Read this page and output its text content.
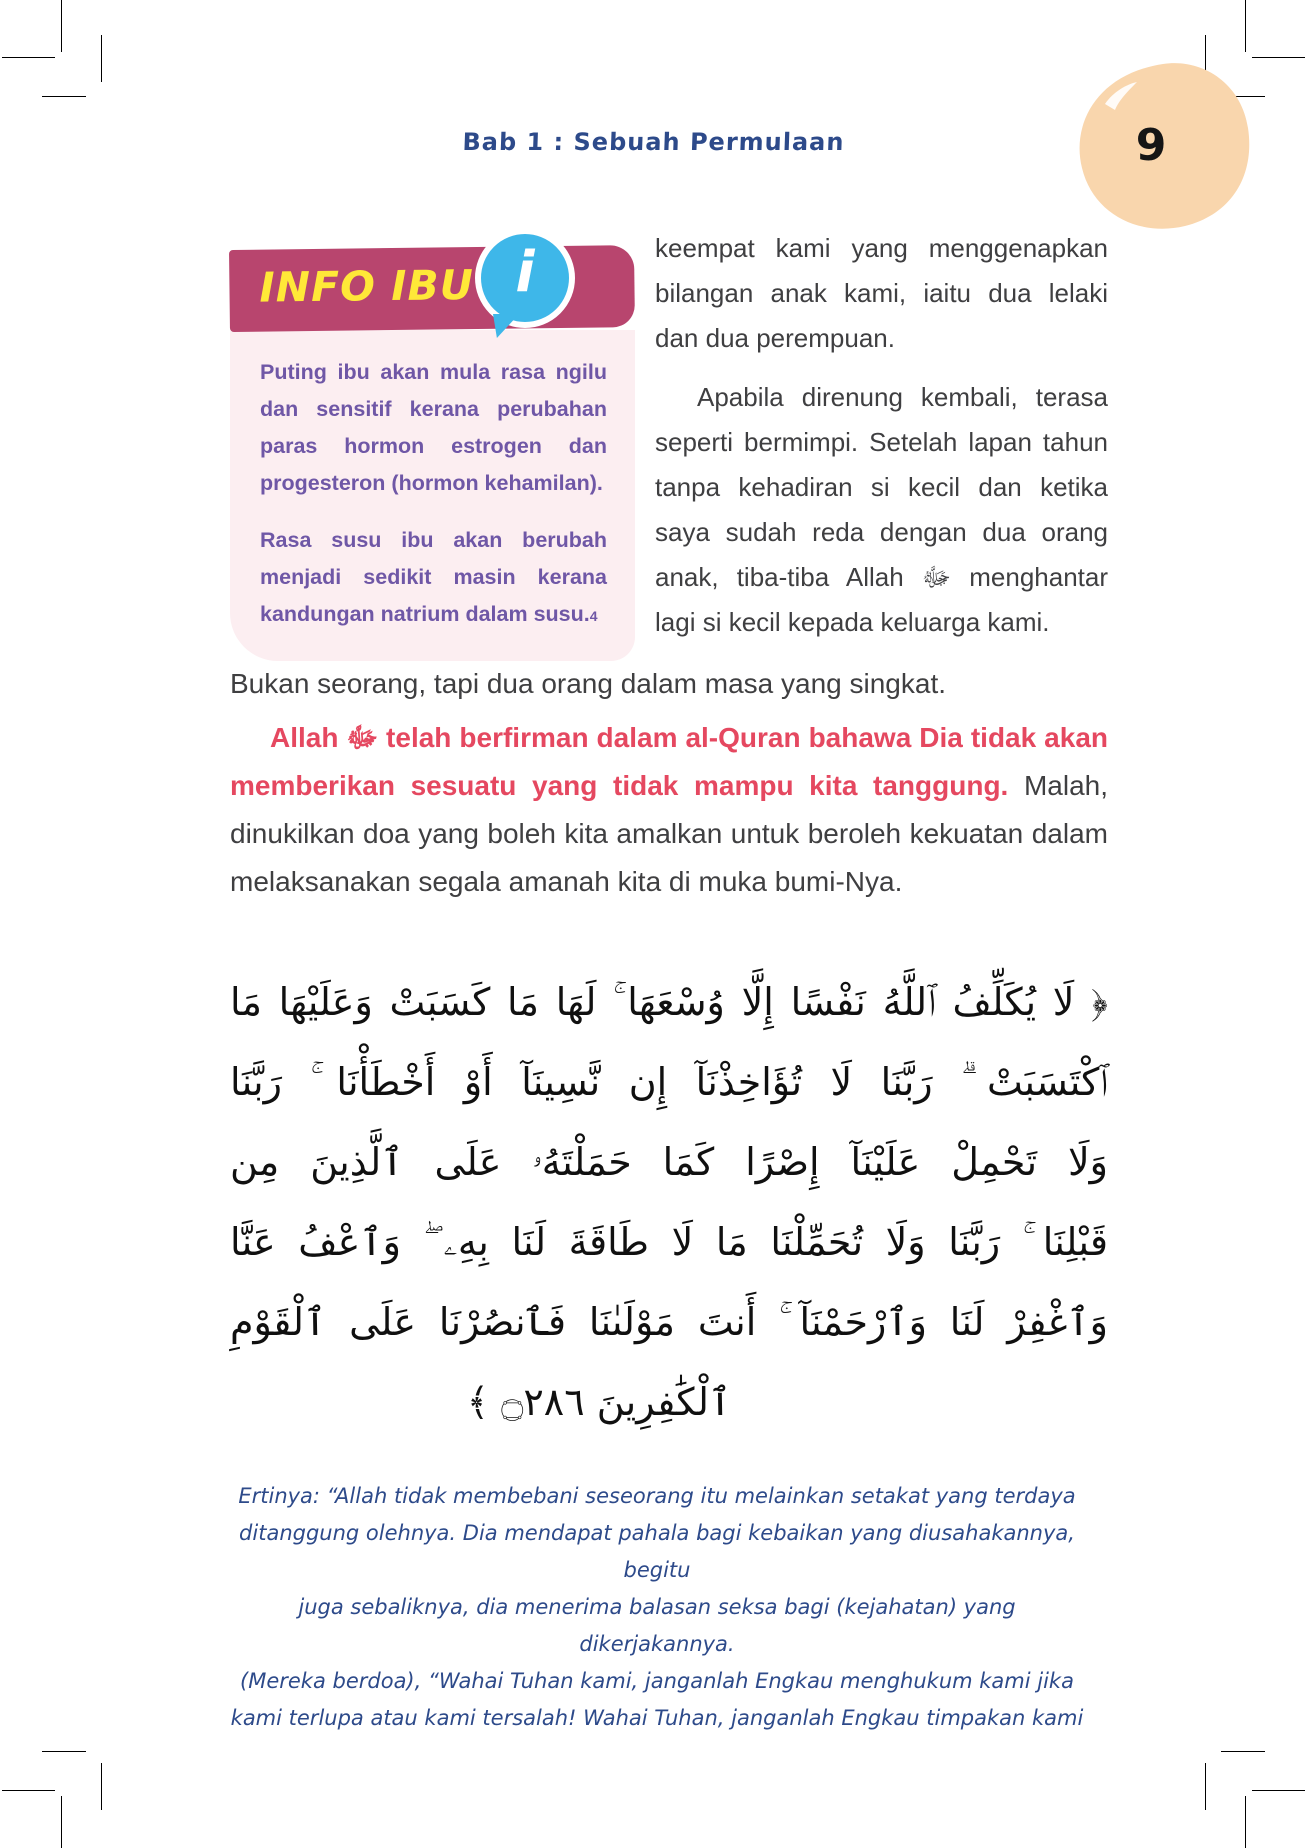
Bab 1 : Sebuah Permulaan	9
INFO IBU i

Puting ibu akan mula rasa ngilu dan sensitif kerana perubahan paras hormon estrogen dan progesteron (hormon kehamilan).

Rasa susu ibu akan berubah menjadi sedikit masin kerana kandungan natrium dalam susu.4

keempat kami yang menggenapkan bilangan anak kami, iaitu dua lelaki dan dua perempuan.

Apabila direnung kembali, terasa seperti bermimpi. Setelah lapan tahun tanpa kehadiran si kecil dan ketika saya sudah reda dengan dua orang anak, tiba-tiba Allah ﷻ menghantar lagi si kecil kepada keluarga kami.

Bukan seorang, tapi dua orang dalam masa yang singkat.

Allah ﷻ telah berfirman dalam al-Quran bahawa Dia tidak akan memberikan sesuatu yang tidak mampu kita tanggung. Malah, dinukilkan doa yang boleh kita amalkan untuk beroleh kekuatan dalam melaksanakan segala amanah kita di muka bumi-Nya.

﴿ لَا يُكَلِّفُ ٱللَّهُ نَفْسًا إِلَّا وُسْعَهَا ۚ لَهَا مَا كَسَبَتْ وَعَلَيْهَا مَا
ٱكْتَسَبَتْ ۗ رَبَّنَا لَا تُؤَاخِذْنَآ إِن نَّسِينَآ أَوْ أَخْطَأْنَا ۚ رَبَّنَا
وَلَا تَحْمِلْ عَلَيْنَآ إِصْرًا كَمَا حَمَلْتَهُۥ عَلَى ٱلَّذِينَ مِن
قَبْلِنَا ۚ رَبَّنَا وَلَا تُحَمِّلْنَا مَا لَا طَاقَةَ لَنَا بِهِۦ ۖ وَٱعْفُ عَنَّا
وَٱغْفِرْ لَنَا وَٱرْحَمْنَآ ۚ أَنتَ مَوْلَىٰنَا فَٱنصُرْنَا عَلَى ٱلْقَوْمِ
ٱلْكَٰفِرِينَ ۝٢٨٦ ﴾
Ertinya: “Allah tidak membebani seseorang itu melainkan setakat yang terdaya
ditanggung olehnya. Dia mendapat pahala bagi kebaikan yang diusahakannya, begitu
juga sebaliknya, dia menerima balasan seksa bagi (kejahatan) yang dikerjakannya.
(Mereka berdoa), “Wahai Tuhan kami, janganlah Engkau menghukum kami jika
kami terlupa atau kami tersalah! Wahai Tuhan, janganlah Engkau timpakan kami
